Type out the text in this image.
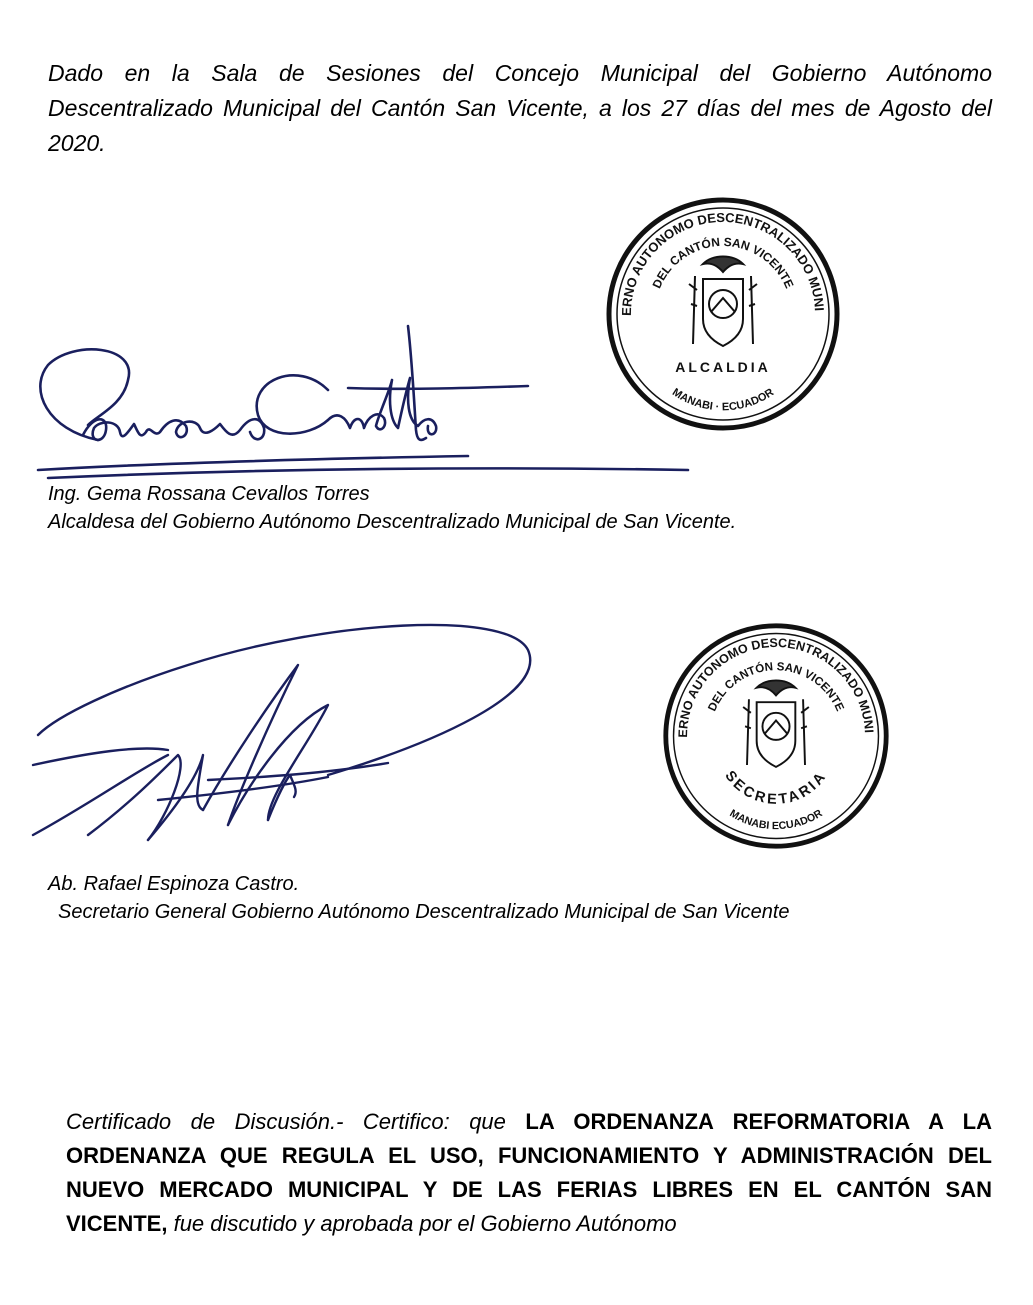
Dado en la Sala de Sesiones del Concejo Municipal del Gobierno Autónomo Descentralizado Municipal del Cantón San Vicente, a los 27 días del mes de Agosto del 2020.
ERNO AUTONOMO DESCENTRALIZADO MUNI
DEL CANTÓN SAN VICENTE
ALCALDIA
MANABI · ECUADOR
Ing. Gema Rossana Cevallos Torres
Alcaldesa del Gobierno Autónomo Descentralizado Municipal de San Vicente.
ERNO AUTONOMO DESCENTRALIZADO MUNI
DEL CANTÓN SAN VICENTE
SECRETARIA
MANABI ECUADOR
Ab. Rafael Espinoza Castro.
Secretario General Gobierno Autónomo Descentralizado Municipal de San Vicente
Certificado de Discusión.- Certifico: que LA ORDENANZA REFORMATORIA A LA ORDENANZA QUE REGULA EL USO, FUNCIONAMIENTO Y ADMINISTRACIÓN DEL NUEVO MERCADO MUNICIPAL Y DE LAS FERIAS LIBRES EN EL CANTÓN SAN VICENTE, fue discutido y aprobada por el Gobierno Autónomo
